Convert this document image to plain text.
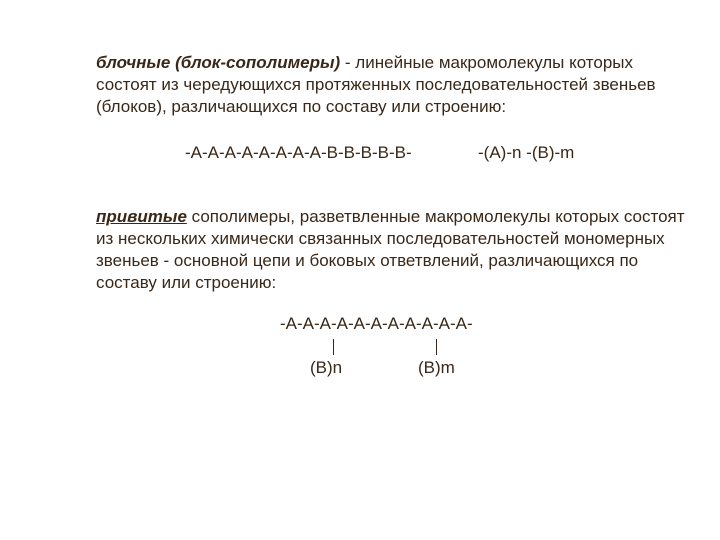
блочные (блок-сополимеры) - линейные макромолекулы которых состоят из чередующихся протяженных последовательностей звеньев (блоков), различающихся по составу или строению:

-A-A-A-A-A-A-A-A-B-B-B-B-B-	-(A)-n -(B)-m

привитые сополимеры, разветвленные макромолекулы которых состоят из нескольких химически связанных последовательностей мономерных звеньев - основной цепи и боковых ответвлений, различающихся по составу или строению:

-A-A-A-A-A-A-A-A-A-A-A-
(B)n	(B)m
